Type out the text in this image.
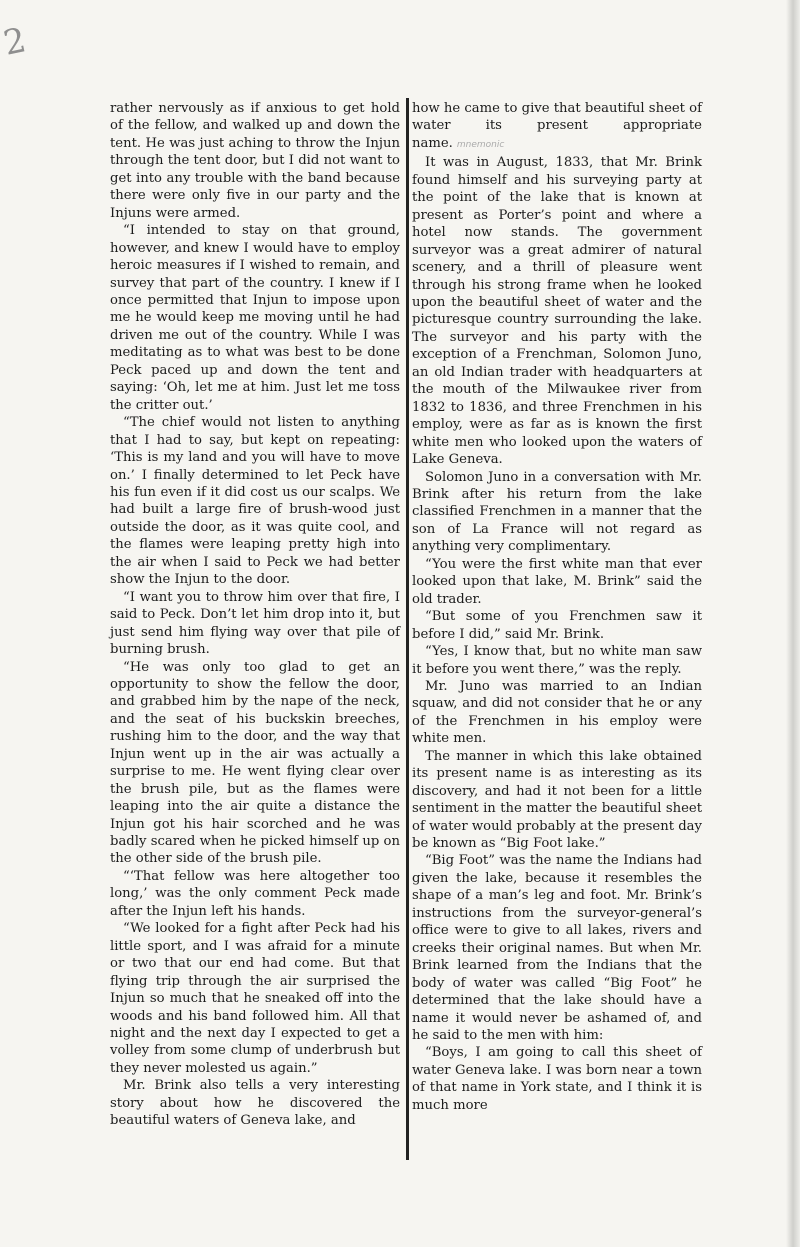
2

rather nervously as if anxious to get hold of the fellow, and walked up and down the tent. He was just aching to throw the Injun through the tent door, but I did not want to get into any trouble with the band because there were only five in our party and the Injuns were armed.

“I intended to stay on that ground, however, and knew I would have to employ heroic measures if I wished to remain, and survey that part of the country. I knew if I once permitted that Injun to impose upon me he would keep me moving until he had driven me out of the country. While I was meditating as to what was best to be done Peck paced up and down the tent and saying: ‘Oh, let me at him. Just let me toss the critter out.’

“The chief would not listen to anything that I had to say, but kept on repeating: ‘This is my land and you will have to move on.’ I finally determined to let Peck have his fun even if it did cost us our scalps. We had built a large fire of brush-wood just outside the door, as it was quite cool, and the flames were leaping pretty high into the air when I said to Peck we had better show the Injun to the door.

“I want you to throw him over that fire, I said to Peck. Don’t let him drop into it, but just send him flying way over that pile of burning brush.

“He was only too glad to get an opportunity to show the fellow the door, and grabbed him by the nape of the neck, and the seat of his buckskin breeches, rushing him to the door, and the way that Injun went up in the air was actually a surprise to me. He went flying clear over the brush pile, but as the flames were leaping into the air quite a distance the Injun got his hair scorched and he was badly scared when he picked himself up on the other side of the brush pile.

“‘That fellow was here altogether too long,’ was the only comment Peck made after the Injun left his hands.

“We looked for a fight after Peck had his little sport, and I was afraid for a minute or two that our end had come. But that flying trip through the air surprised the Injun so much that he sneaked off into the woods and his band followed him. All that night and the next day I expected to get a volley from some clump of underbrush but they never molested us again.”

Mr. Brink also tells a very interesting story about how he discovered the beautiful waters of Geneva lake, and

how he came to give that beautiful sheet of water its present appropriate name. mnemonic

It was in August, 1833, that Mr. Brink found himself and his surveying party at the point of the lake that is known at present as Porter’s point and where a hotel now stands. The government surveyor was a great admirer of natural scenery, and a thrill of pleasure went through his strong frame when he looked upon the beautiful sheet of water and the picturesque country surrounding the lake. The surveyor and his party with the exception of a Frenchman, Solomon Juno, an old Indian trader with headquarters at the mouth of the Milwaukee river from 1832 to 1836, and three Frenchmen in his employ, were as far as is known the first white men who looked upon the waters of Lake Geneva.

Solomon Juno in a conversation with Mr. Brink after his return from the lake classified Frenchmen in a manner that the son of La France will not regard as anything very complimentary.

“You were the first white man that ever looked upon that lake, M. Brink” said the old trader.

“But some of you Frenchmen saw it before I did,” said Mr. Brink.

“Yes, I know that, but no white man saw it before you went there,” was the reply.

Mr. Juno was married to an Indian squaw, and did not consider that he or any of the Frenchmen in his employ were white men.

The manner in which this lake obtained its present name is as interesting as its discovery, and had it not been for a little sentiment in the matter the beautiful sheet of water would probably at the present day be known as “Big Foot lake.”

“Big Foot” was the name the Indians had given the lake, because it resembles the shape of a man’s leg and foot. Mr. Brink’s instructions from the surveyor-general’s office were to give to all lakes, rivers and creeks their original names. But when Mr. Brink learned from the Indians that the body of water was called “Big Foot” he determined that the lake should have a name it would never be ashamed of, and he said to the men with him:

“Boys, I am going to call this sheet of water Geneva lake. I was born near a town of that name in York state, and I think it is much more
